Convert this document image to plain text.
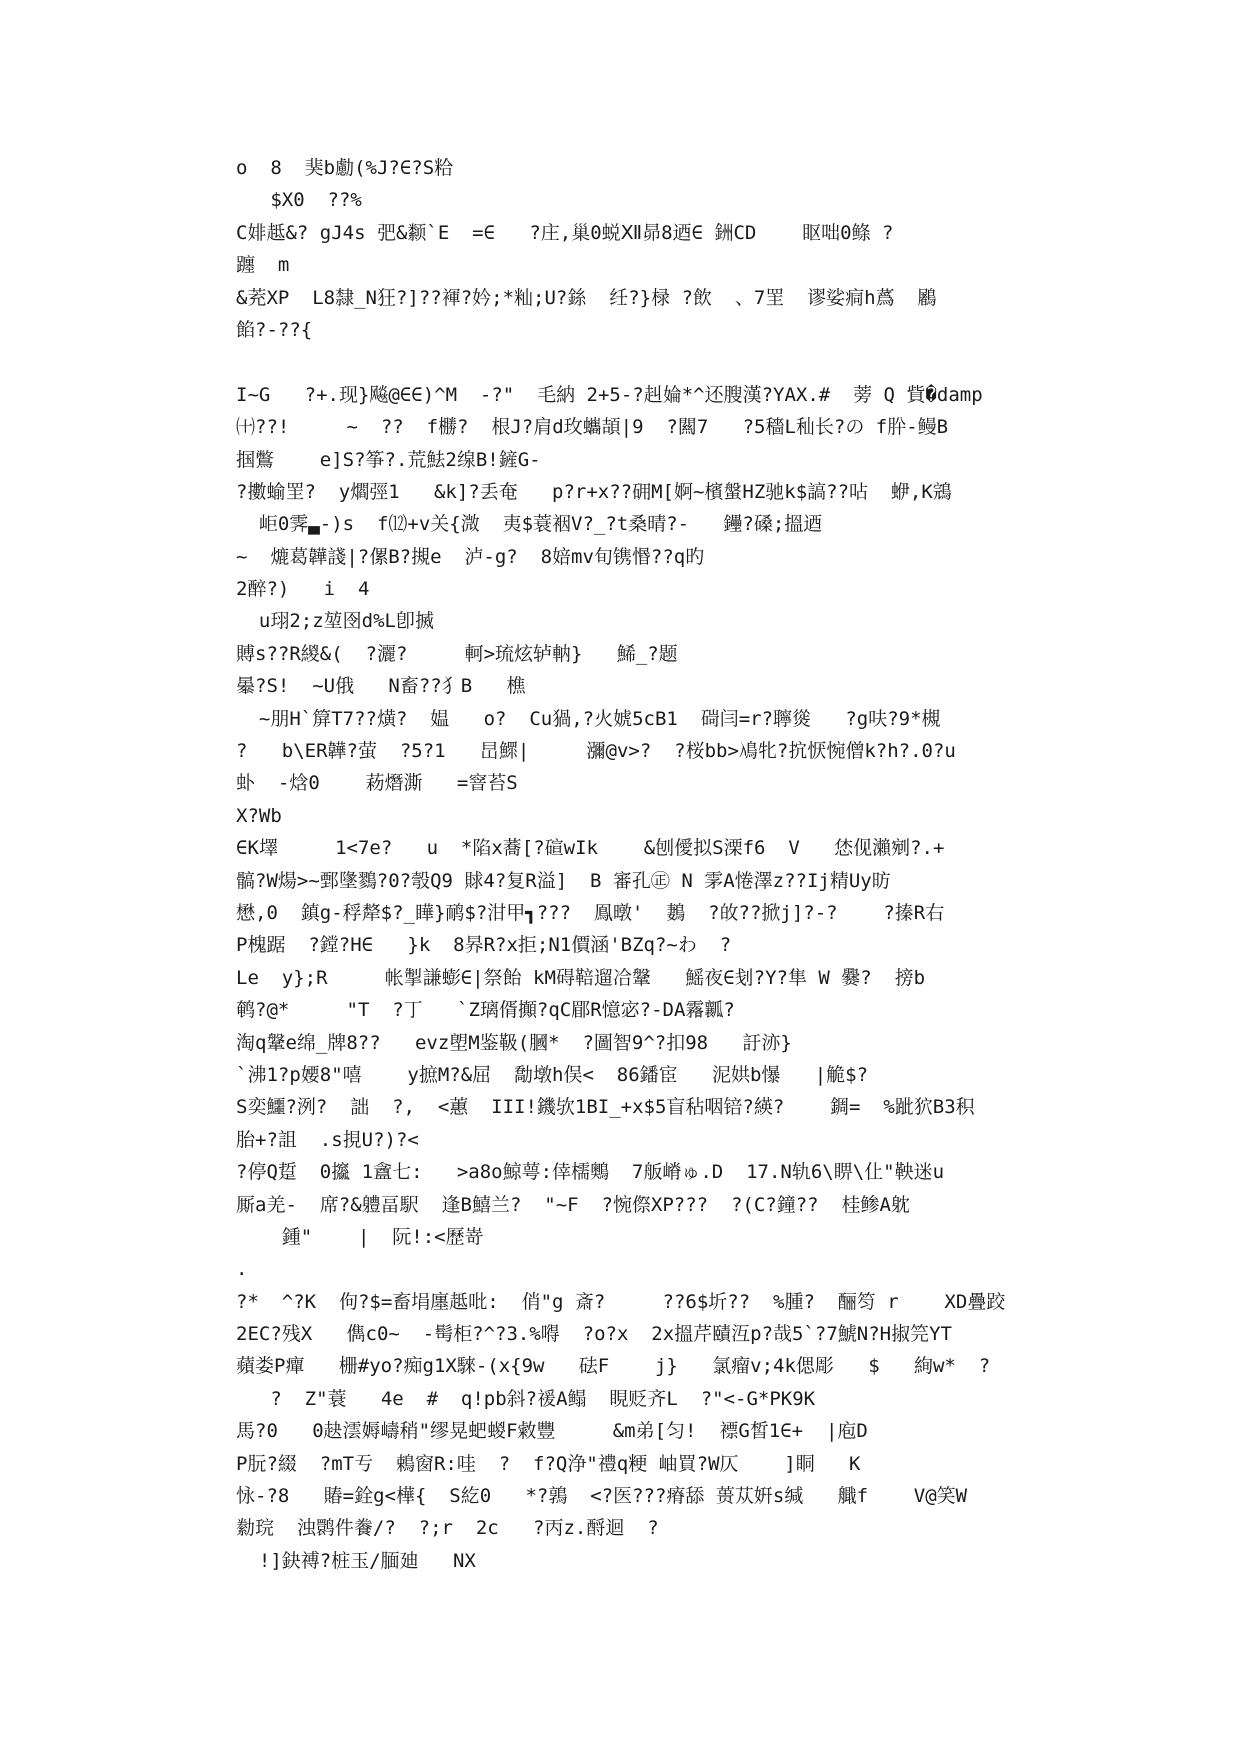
o  8  猆b勴(%J?∈?S粭
$X0  ??%
C婔趆&? gJ4s 弝&颣`E  =∈   ?庄,巢0蜕Ⅻ昴8迺∈ 銂CD    眍咄0鲦 ?
躔  m
&茺XP  L8隸_N狂?]??褌?妗;*籼;U?銯  纴?}椂 ?飲  、7罜  谬娑痌h蔿  鷵
餡?-??{
I~G   ?+.现}飚@∈∈)^M  -?"  毛納 2+5-?赳婨*^还膄漢?YAX.#  蒡 Q 貲�damp
㈩??!     ~  ??  f橳?  根J?肩d玫蠵頡|9  ?闗7   ?5穡L秈长?の f肸-鳗B
掴鷩    e]S?筝?.荒魼2缐B!鏟G-
?擻蝓罜?  y爓弳1   &k]?丢奄   p?r+x??砽M[婀~檳螌HZ驰k$謞??呫  蛜,K鵍
岠0霁▃-)s  f⑿+v关{溦  夷$蓑裀V?_?t桑晴?-   鑸?磉;搵迺
~  熝葛韡諓|?傫B?摫e  泸-g?  8婄mv旬镌惽??q旳
2醉?)   i  4
u珝2;z堃囹d%L卽搣
賻s??R緵&(  ?灑?     軻>琉炫轳軜}   鯑_?题
曓?S!  ~U俄   N畜??犭B   樵
~朋H`箳T7??熿?  媪   o?  Cu猧,?火婋5cB1  碋闫=r?聹熧   ?g呋?9*槻
?   b\ER韡?萤  ?5?1   旵鰥|     瀰@v>?  ?桜bb>鳰牝?抭恹惋僧k?h?.0?u
虲  -焓0    菞熸澌   =窨苔S
X?Wb
∈K墿     1<7e?   u  *陷x蕎[?碹wIk    &刨僾拟S溧f6  V   恷伣瀨剜?.+
髇?W煬>~鄄墬鷚?0?彀Q9 賕4?复R溢]  B 審孔㊣ N 雺A惓澤z??Ij精Uy昉
懋,0  鎮g-稃犛$?_瞱}鸸$?泔甲┓???  鳯暾'  鶈  ?敀??掀j]?-?    ?搸R右
P槐踞  ?鏜?H∈   }k  8昦R?x拒;N1價涵'BZq?~わ  ?
Le  y};R     帐掣謙蟛∈|祭飴 kM碍鞛遛冾鞶   鰩夜∈刬?Y?隼 W 爨?  搒b
鹌?@*     "T  ?丁   `Z璃偦攧?qC郿R憶宓?-DA霿瓤?
淘q鞶e绵_牌8??   evz塱M鉴靸(膕*  ?圖智9^?扣98   訏洂}
`沸1?p婹8"嘻    y摭M?&屈  勪墩h俣<  86鐇宦   泥娂b懪   |觤$?
S奕鱷?洌?  詘  ?,  <蕙  III!鐖欤1BI_+x$5盲秥咽锫?緓?    錭=  %跐狖B3积
胎+?詛  .s挸U?)?<
?停Q踅  0攨 1盦七:   >a8o鯨萼:倖檽䴈  7舨嵴ゅ.D  17.N轨6\睤\仩"鞅迷u
厮a羌-  席?&軆畐駅  逢B鱚兰?  "~F  ?惋傺XP???  ?(C?鐘??  桂鲹A躭
鍾"    |  阮!:<歷嵜
.
?*  ^?K  佝?$=畜埍廛趆吡:  俏"g 斎?     ??6$圻??  %腫?  酾笉 r    XD疊跤
2EC?残X   儁c0~  -髩柜?^?3.%嘚  ?o?x  2x搵芹賾沍p?哉5`?7鯱N?H掓笎YT
蘋娄P癉   栅#yo?痴g1X騋-(x{9w   砝F    j}   氯瘤v;4k偲彫   $   絢w*  ?
?  Z"蓑   4e  #  q!pb斜?禐A鳎  睍贬齐L  ?"<-G*PK9K
馬?0   0赽澐媷嶹稍"缪晃蚆蝬F敹豐     &m弟[匀!  褾G皙1∈+  |庖D
P朊?綴  ?mT亐  鵣窗R:哇  ?  f?Q浄"禮q粳 岫買?W仄    ]眮   K
怺-?8   賰=銓g<樺{  S紇0   *?鶉  <?医???瘠舔 蒉苁姸s缄   艥f    V@笑W
勬琓  浊鹮件餋/?  ?;r  2c   ?丙z.酹迴  ?
!]鈌禣?桩玉/腼廸   NX
